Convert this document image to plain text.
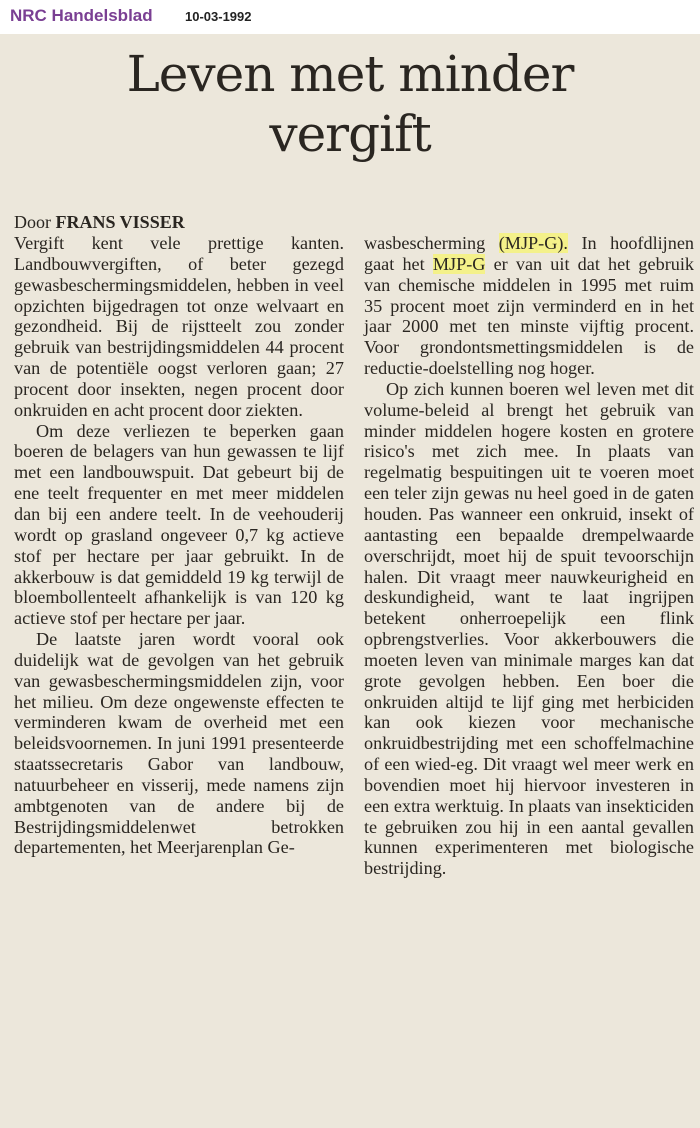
NRC Handelsblad 10-03-1992
Leven met minder
vergift
Door FRANS VISSER

Vergift kent vele prettige kanten. Landbouwvergiften, of beter gezegd gewasbeschermingsmiddelen, hebben in veel opzichten bijgedragen tot onze welvaart en gezondheid. Bij de rijstteelt zou zonder gebruik van bestrijdingsmiddelen 44 procent van de potentiële oogst verloren gaan; 27 procent door insekten, negen procent door onkruiden en acht procent door ziekten.

Om deze verliezen te beperken gaan boeren de belagers van hun gewassen te lijf met een landbouwspuit. Dat gebeurt bij de ene teelt frequenter en met meer middelen dan bij een andere teelt. In de veehouderij wordt op grasland ongeveer 0,7 kg actieve stof per hectare per jaar gebruikt. In de akkerbouw is dat gemiddeld 19 kg terwijl de bloembollenteelt afhankelijk is van 120 kg actieve stof per hectare per jaar.

De laatste jaren wordt vooral ook duidelijk wat de gevolgen van het gebruik van gewasbeschermingsmiddelen zijn, voor het milieu. Om deze ongewenste effecten te verminderen kwam de overheid met een beleidsvoornemen. In juni 1991 presenteerde staatssecretaris Gabor van landbouw, natuurbeheer en visserij, mede namens zijn ambtgenoten van de andere bij de Bestrijdingsmiddelenwet betrokken departementen, het Meerjarenplan Ge-

wasbescherming (MJP-G). In hoofdlijnen gaat het MJP-G er van uit dat het gebruik van chemische middelen in 1995 met ruim 35 procent moet zijn verminderd en in het jaar 2000 met ten minste vijftig procent. Voor grondontsmettingsmiddelen is de reductie-doelstelling nog hoger.

Op zich kunnen boeren wel leven met dit volume-beleid al brengt het gebruik van minder middelen hogere kosten en grotere risico's met zich mee. In plaats van regelmatig bespuitingen uit te voeren moet een teler zijn gewas nu heel goed in de gaten houden. Pas wanneer een onkruid, insekt of aantasting een bepaalde drempelwaarde overschrijdt, moet hij de spuit tevoorschijn halen. Dit vraagt meer nauwkeurigheid en deskundigheid, want te laat ingrijpen betekent onherroepelijk een flink opbrengstverlies. Voor akkerbouwers die moeten leven van minimale marges kan dat grote gevolgen hebben. Een boer die onkruiden altijd te lijf ging met herbiciden kan ook kiezen voor mechanische onkruidbestrijding met een schoffelmachine of een wied-eg. Dit vraagt wel meer werk en bovendien moet hij hiervoor investeren in een extra werktuig. In plaats van insekticiden te gebruiken zou hij in een aantal gevallen kunnen experimenteren met biologische bestrijding.
